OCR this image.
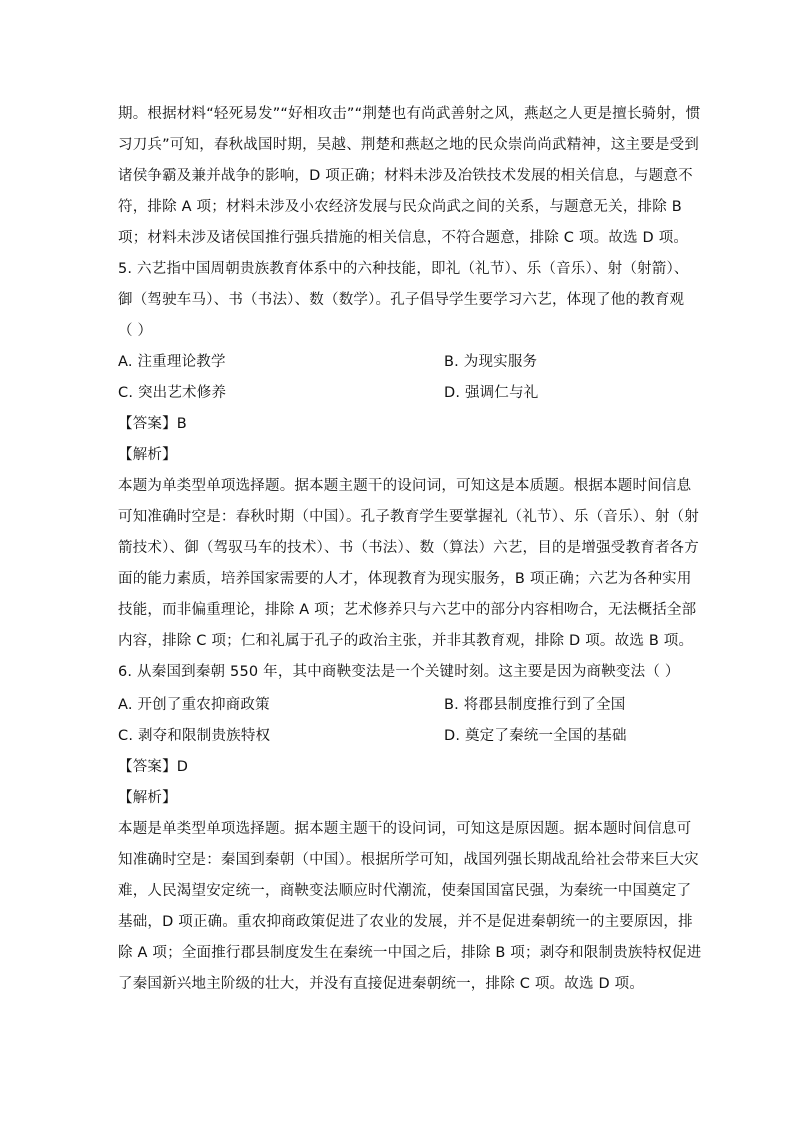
期。根据材料“轻死易发”“好相攻击”“荆楚也有尚武善射之风，燕赵之人更是擅长骑射，惯
习刀兵”可知，春秋战国时期，吴越、荆楚和燕赵之地的民众崇尚尚武精神，这主要是受到
诸侯争霸及兼并战争的影响，D 项正确；材料未涉及冶铁技术发展的相关信息，与题意不
符，排除 A 项；材料未涉及小农经济发展与民众尚武之间的关系，与题意无关，排除 B
项；材料未涉及诸侯国推行强兵措施的相关信息，不符合题意，排除 C 项。故选 D 项。
5. 六艺指中国周朝贵族教育体系中的六种技能，即礼（礼节）、乐（音乐）、射（射箭）、
御（驾驶车马）、书（书法）、数（数学）。孔子倡导学生要学习六艺，体现了他的教育观
（ ）
A. 注重理论教学	B. 为现实服务
C. 突出艺术修养	D. 强调仁与礼
【答案】B
【解析】
本题为单类型单项选择题。据本题主题干的设问词，可知这是本质题。根据本题时间信息
可知准确时空是：春秋时期（中国）。孔子教育学生要掌握礼（礼节）、乐（音乐）、射（射
箭技术）、御（驾驭马车的技术）、书（书法）、数（算法）六艺，目的是增强受教育者各方
面的能力素质，培养国家需要的人才，体现教育为现实服务，B 项正确；六艺为各种实用
技能，而非偏重理论，排除 A 项；艺术修养只与六艺中的部分内容相吻合，无法概括全部
内容，排除 C 项；仁和礼属于孔子的政治主张，并非其教育观，排除 D 项。故选 B 项。
6. 从秦国到秦朝 550 年，其中商鞅变法是一个关键时刻。这主要是因为商鞅变法（ ）
A. 开创了重农抑商政策	B. 将郡县制度推行到了全国
C. 剥夺和限制贵族特权	D. 奠定了秦统一全国的基础
【答案】D
【解析】
本题是单类型单项选择题。据本题主题干的设问词，可知这是原因题。据本题时间信息可
知准确时空是：秦国到秦朝（中国）。根据所学可知，战国列强长期战乱给社会带来巨大灾
难，人民渴望安定统一，商鞅变法顺应时代潮流，使秦国国富民强，为秦统一中国奠定了
基础，D 项正确。重农抑商政策促进了农业的发展，并不是促进秦朝统一的主要原因，排
除 A 项；全面推行郡县制度发生在秦统一中国之后，排除 B 项；剥夺和限制贵族特权促进
了秦国新兴地主阶级的壮大，并没有直接促进秦朝统一，排除 C 项。故选 D 项。
